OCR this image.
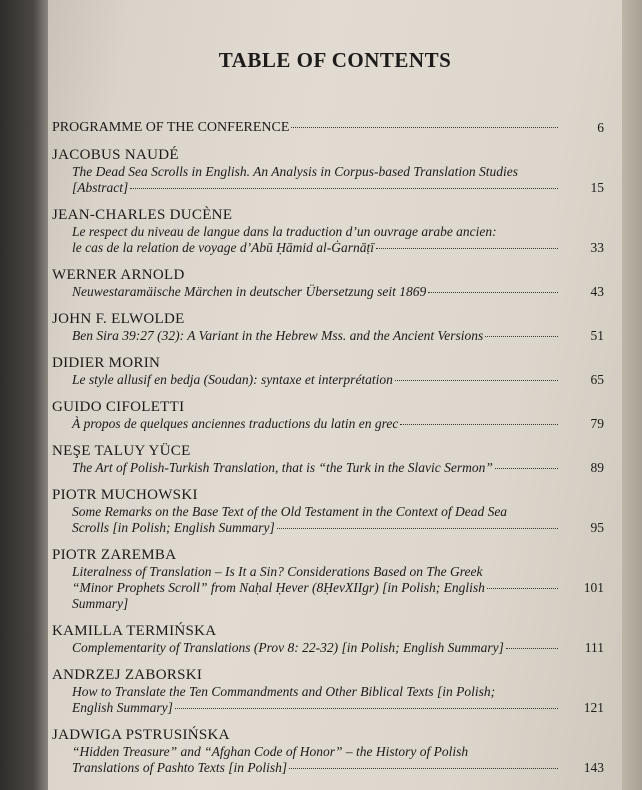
TABLE OF CONTENTS
PROGRAMME OF THE CONFERENCE	6
JACOBUS NAUDÉ
The Dead Sea Scrolls in English. An Analysis in Corpus-based Translation Studies
[Abstract]	15
JEAN-CHARLES DUCÈNE
Le respect du niveau de langue dans la traduction d’un ouvrage arabe ancien:
le cas de la relation de voyage d’Abū Ḥāmid al-Ġarnāṭī	33
WERNER ARNOLD
Neuwestaramäische Märchen in deutscher Übersetzung seit 1869	43
JOHN F. ELWOLDE
Ben Sira 39:27 (32): A Variant in the Hebrew Mss. and the Ancient Versions	51
DIDIER MORIN
Le style allusif en bedja (Soudan): syntaxe et interprétation	65
GUIDO CIFOLETTI
À propos de quelques anciennes traductions du latin en grec	79
NEŞE TALUY YÜCE
The Art of Polish-Turkish Translation, that is “the Turk in the Slavic Sermon”	89
PIOTR MUCHOWSKI
Some Remarks on the Base Text of the Old Testament in the Context of Dead Sea
Scrolls [in Polish; English Summary]	95
PIOTR ZAREMBA
Literalness of Translation – Is It a Sin? Considerations Based on The Greek
“Minor Prophets Scroll” from Naḥal Ḥever (8ḤevXIIgr) [in Polish; English	101
Summary]
KAMILLA TERMIŃSKA
Complementarity of Translations (Prov 8: 22-32) [in Polish; English Summary]	111
ANDRZEJ ZABORSKI
How to Translate the Ten Commandments and Other Biblical Texts [in Polish;
English Summary]	121
JADWIGA PSTRUSIŃSKA
“Hidden Treasure” and “Afghan Code of Honor” – the History of Polish
Translations of Pashto Texts [in Polish]	143
